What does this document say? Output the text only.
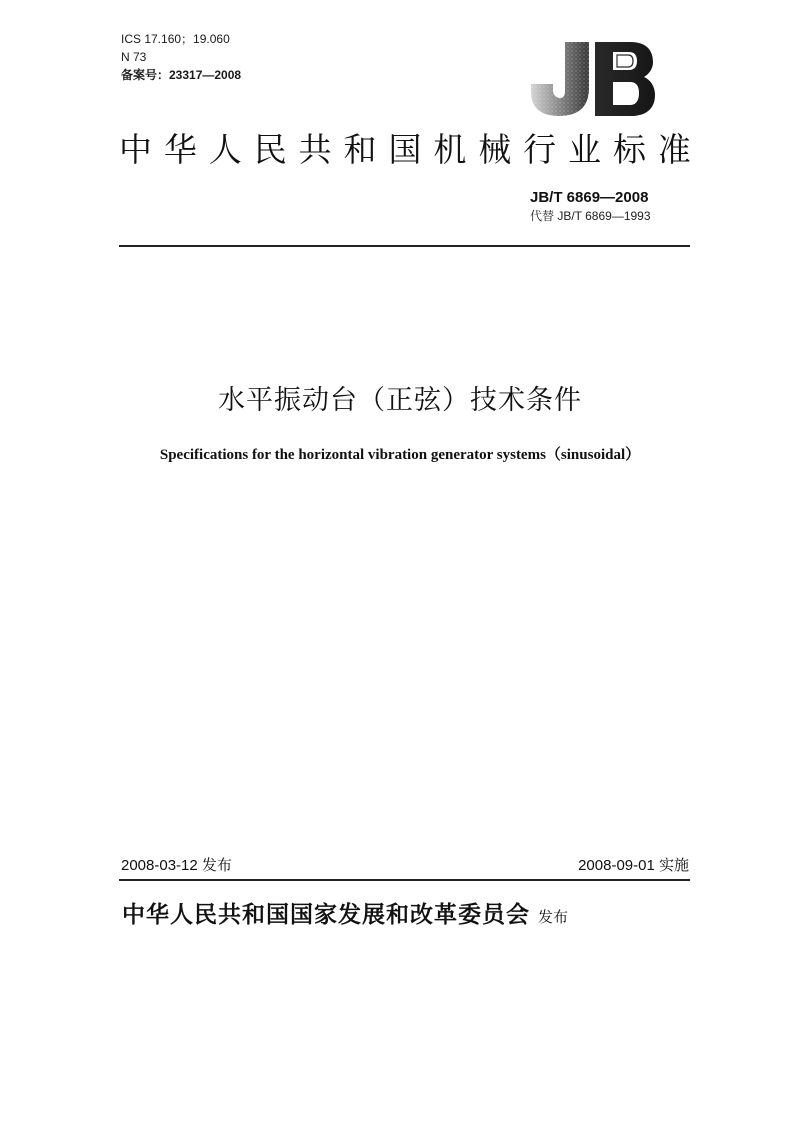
ICS 17.160；19.060
N 73
备案号：23317—2008
中 华 人 民 共 和 国 机 械 行 业 标 准
JB/T 6869—2008
代替 JB/T 6869—1993
水平振动台（正弦）技术条件
Specifications for the horizontal vibration generator systems（sinusoidal）
2008-03-12 发布	2008-09-01 实施
中华人民共和国国家发展和改革委员会 发布
